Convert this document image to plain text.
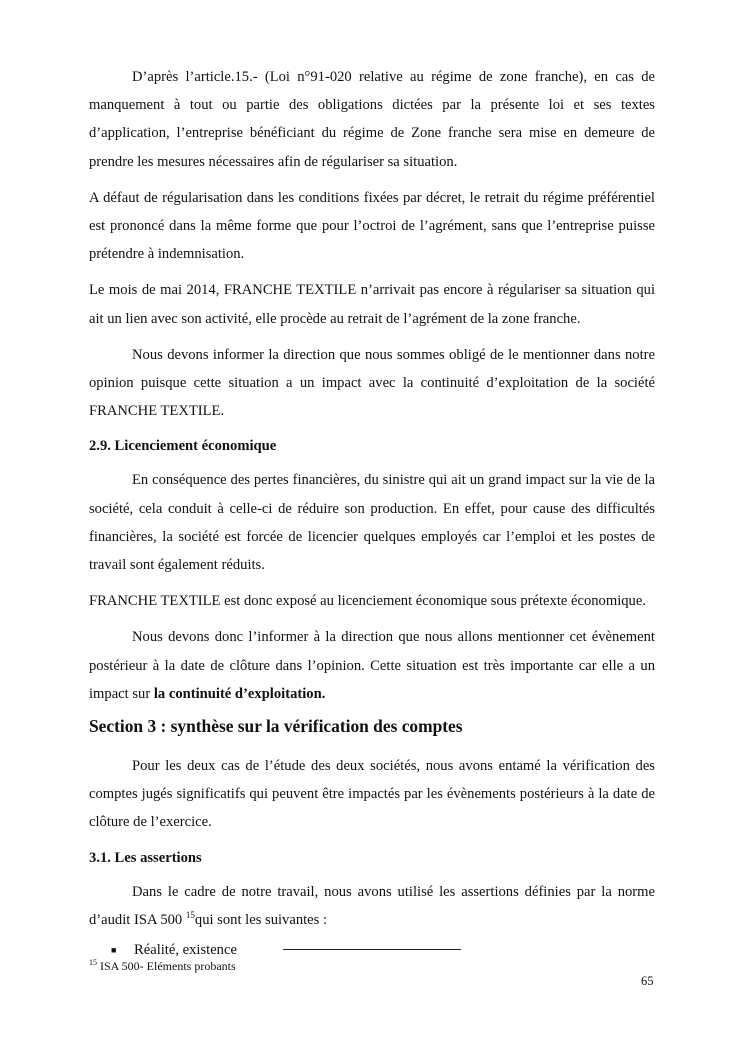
D’après l’article.15.- (Loi n°91-020 relative au régime de zone franche), en cas de manquement à tout ou partie des obligations dictées par la présente loi et ses textes d’application, l’entreprise bénéficiant du régime de Zone franche sera mise en demeure de prendre les mesures nécessaires afin de régulariser sa situation.

A défaut de régularisation dans les conditions fixées par décret, le retrait du régime préférentiel est prononcé dans la même forme que pour l’octroi de l’agrément, sans que l’entreprise puisse prétendre à indemnisation.

Le mois de mai 2014, FRANCHE TEXTILE n’arrivait pas encore à régulariser sa situation qui ait un lien avec son activité, elle procède au retrait de l’agrément de la zone franche.

Nous devons informer la direction que nous sommes obligé de le mentionner dans notre opinion puisque cette situation a un impact avec la continuité d’exploitation de la société FRANCHE TEXTILE.

2.9. Licenciement économique

En conséquence des pertes financières, du sinistre qui ait un grand impact sur la vie de la société, cela conduit à celle-ci de réduire son production. En effet, pour cause des difficultés financières, la société est forcée de licencier quelques employés car l’emploi et les postes de travail sont également réduits.

FRANCHE TEXTILE est donc exposé au licenciement économique sous prétexte économique.

Nous devons donc l’informer à la direction que nous allons mentionner cet évènement postérieur à la date de clôture dans l’opinion. Cette situation est très importante car elle a un impact sur la continuité d’exploitation.

Section 3 : synthèse sur la vérification des comptes

Pour les deux cas de l’étude des deux sociétés, nous avons entamé la vérification des comptes jugés significatifs qui peuvent être impactés par les évènements postérieurs à la date de clôture de l’exercice.

3.1. Les assertions

Dans le cadre de notre travail, nous avons utilisé les assertions définies par la norme d’audit ISA 500 $^{15}$qui sont les suivantes :

■ Réalité, existence
$^{15}$ ISA 500- Eléments probants
65
